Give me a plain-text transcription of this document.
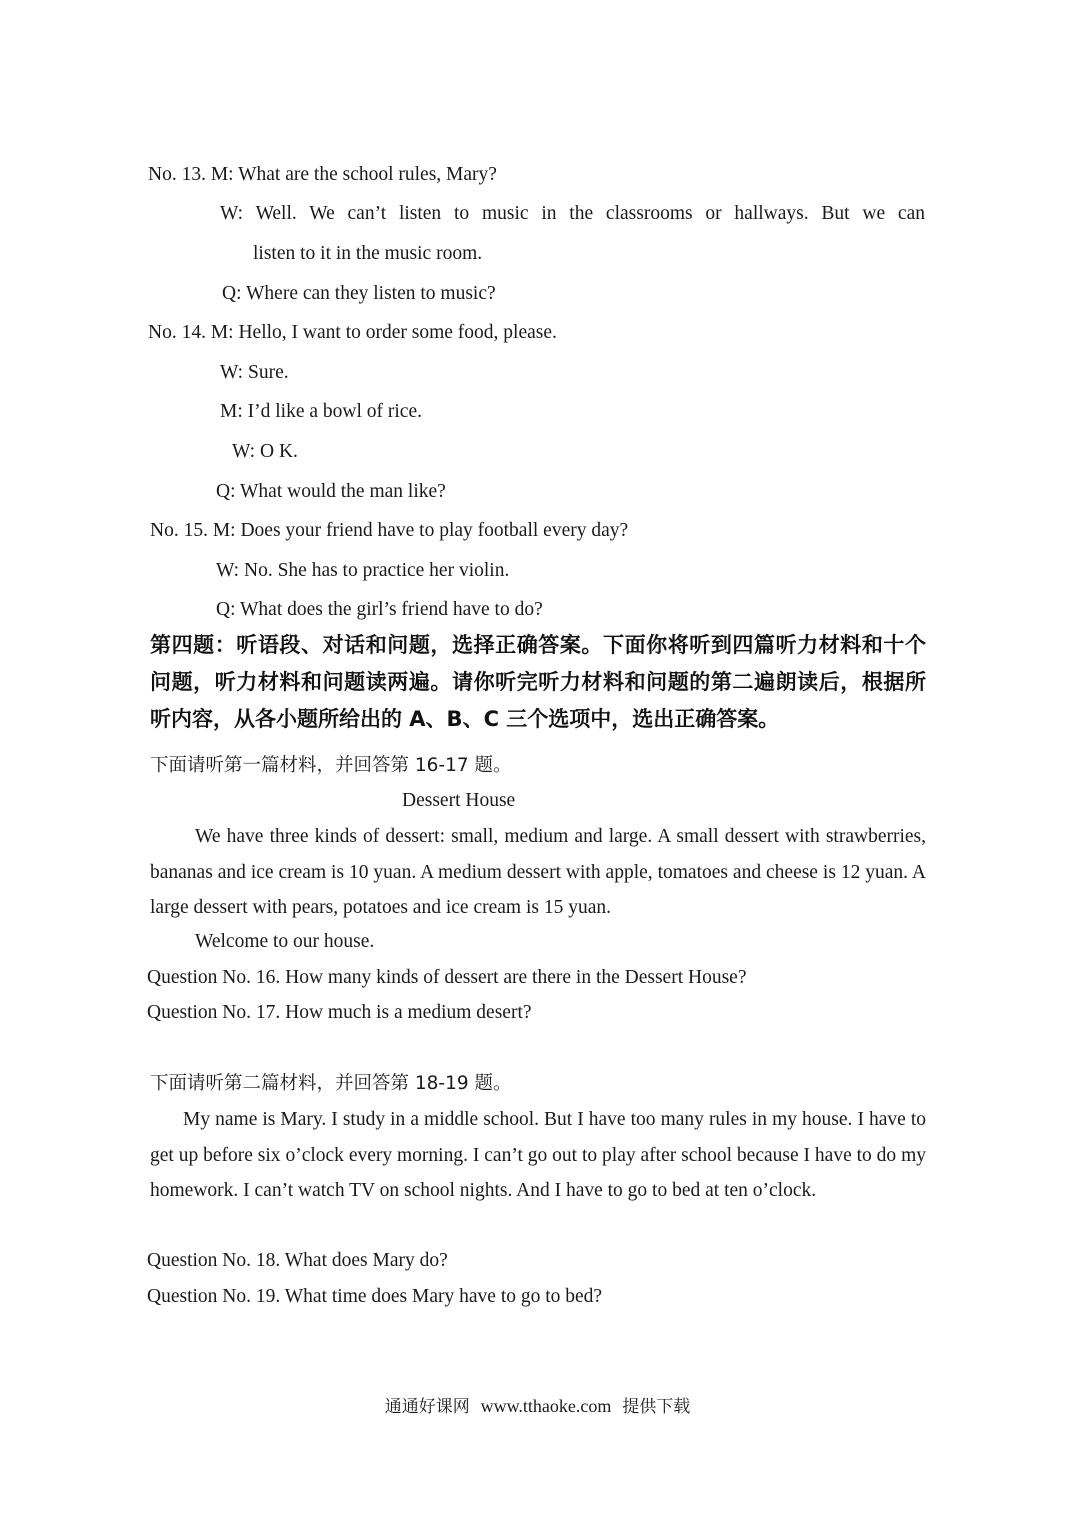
No. 13. M: What are the school rules, Mary?
W: Well. We can’t listen to music in the classrooms or hallways. But we can
listen to it in the music room.
Q: Where can they listen to music?
No. 14. M: Hello, I want to order some food, please.
W: Sure.
M: I’d like a bowl of rice.
W: O K.
Q: What would the man like?
No. 15. M: Does your friend have to play football every day?
W: No. She has to practice her violin.
Q: What does the girl’s friend have to do?
第四题：听语段、对话和问题，选择正确答案。下面你将听到四篇听力材料和十个问题，听力材料和问题读两遍。请你听完听力材料和问题的第二遍朗读后，根据所听内容，从各小题所给出的 A、B、C 三个选项中，选出正确答案。
下面请听第一篇材料，并回答第 16-17 题。
Dessert House
We have three kinds of dessert: small, medium and large. A small dessert with strawberries, bananas and ice cream is 10 yuan. A medium dessert with apple, tomatoes and cheese is 12 yuan. A large dessert with pears, potatoes and ice cream is 15 yuan.
Welcome to our house.
Question No. 16. How many kinds of dessert are there in the Dessert House?
Question No. 17. How much is a medium desert?
下面请听第二篇材料，并回答第 18-19 题。
My name is Mary. I study in a middle school. But I have too many rules in my house. I have to get up before six o’clock every morning. I can’t go out to play after school because I have to do my homework. I can’t watch TV on school nights. And I have to go to bed at ten o’clock.
Question No. 18. What does Mary do?
Question No. 19. What time does Mary have to go to bed?
通通好课网 www.tthaoke.com 提供下载
